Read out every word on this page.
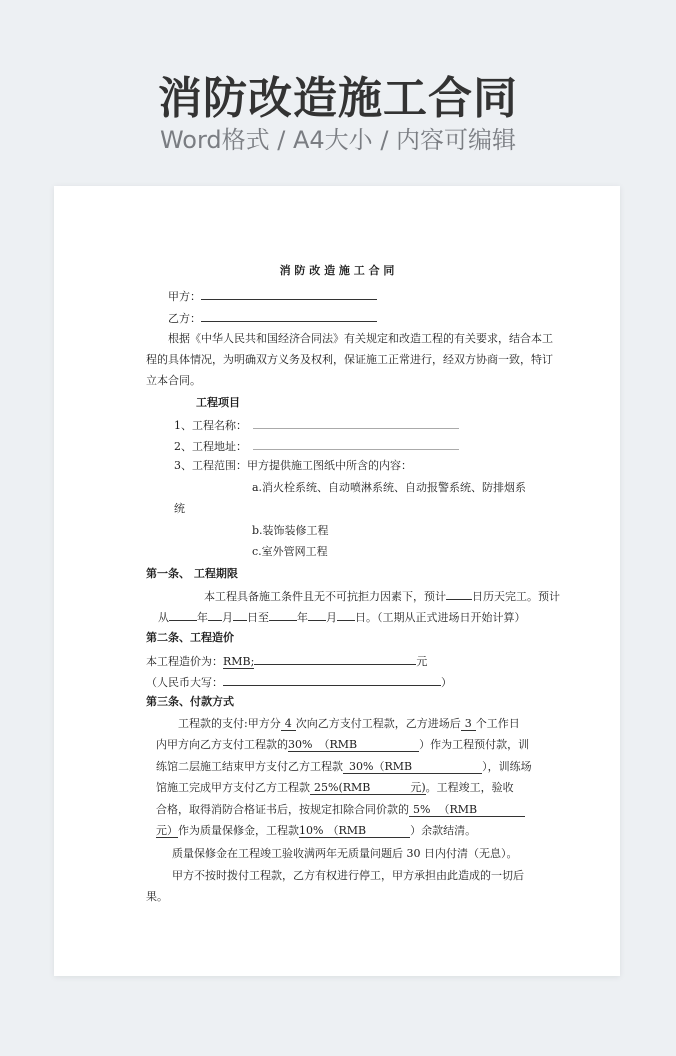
消防改造施工合同
Word格式 / A4大小 / 内容可编辑
消 防 改 造 施 工 合 同
甲方：
乙方：
根据《中华人民共和国经济合同法》有关规定和改造工程的有关要求，结合本工
程的具体情况，为明确双方义务及权利，保证施工正常进行，经双方协商一致，特订
立本合同。
工程项目
1、工程名称：
2、工程地址：
3、工程范围：甲方提供施工图纸中所含的内容：
a.消火栓系统、自动喷淋系统、自动报警系统、防排烟系
统
b.装饰装修工程
c.室外管网工程
第一条、 工程期限
本工程具备施工条件且无不可抗拒力因素下，预计 日历天完工。预计
从	年 月 日至	年 月 日。（工期从正式进场日开始计算）
第二条、工程造价
本工程造价为：RMB;	元
（人民币大写：	）
第三条、付款方式
工程款的支付:甲方分 4 次向乙方支付工程款，乙方进场后 3 个工作日
内甲方向乙方支付工程款的30% （RMB	）作为工程预付款，训
练馆二层施工结束甲方支付乙方工程款 30%（RMB	），训练场
馆施工完成甲方支付乙方工程款 25%(RMB	元)。工程竣工，验收
合格，取得消防合格证书后，按规定扣除合同价款的 5% （RMB
元）作为质量保修金，工程款10% （RMB	）余款结清。
质量保修金在工程竣工验收满两年无质量问题后 30 日内付清（无息）。
甲方不按时拨付工程款，乙方有权进行停工，甲方承担由此造成的一切后
果。
